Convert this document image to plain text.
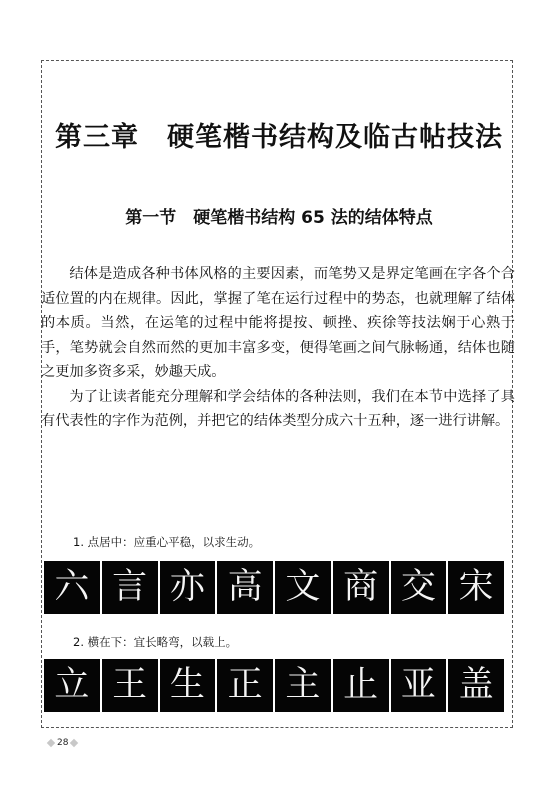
第三章　硬笔楷书结构及临古帖技法
第一节　硬笔楷书结构 65 法的结体特点

结体是造成各种书体风格的主要因素，而笔势又是界定笔画在字各个合适位置的内在规律。因此，掌握了笔在运行过程中的势态，也就理解了结体的本质。当然，在运笔的过程中能将提按、顿挫、疾徐等技法娴于心熟于手，笔势就会自然而然的更加丰富多变，便得笔画之间气脉畅通，结体也随之更加多资多采，妙趣天成。

为了让读者能充分理解和学会结体的各种法则，我们在本节中选择了具有代表性的字作为范例，并把它的结体类型分成六十五种，逐一进行讲解。

1. 点居中：应重心平稳，以求生动。
六 言 亦 高 文 商 交 宋
2. 横在下：宜长略弯，以载上。
立 王 生 正 主 止 亚 盖
28
